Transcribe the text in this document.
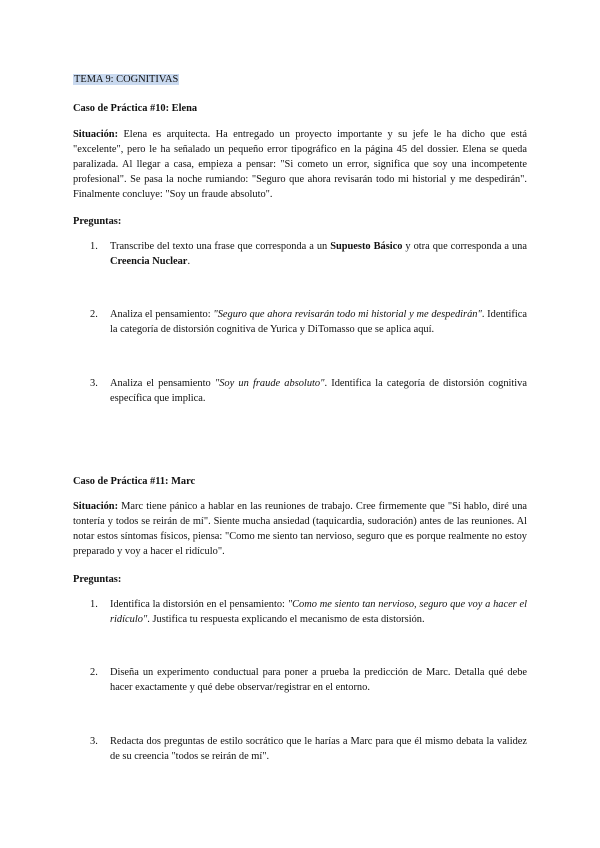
TEMA 9: COGNITIVAS
Caso de Práctica #10: Elena
Situación: Elena es arquitecta. Ha entregado un proyecto importante y su jefe le ha dicho que está "excelente", pero le ha señalado un pequeño error tipográfico en la página 45 del dossier. Elena se queda paralizada. Al llegar a casa, empieza a pensar: "Si cometo un error, significa que soy una incompetente profesional". Se pasa la noche rumiando: "Seguro que ahora revisarán todo mi historial y me despedirán". Finalmente concluye: "Soy un fraude absoluto".
Preguntas:
1. Transcribe del texto una frase que corresponda a un Supuesto Básico y otra que corresponda a una Creencia Nuclear.
2. Analiza el pensamiento: "Seguro que ahora revisarán todo mi historial y me despedirán". Identifica la categoría de distorsión cognitiva de Yurica y DiTomasso que se aplica aquí.
3. Analiza el pensamiento "Soy un fraude absoluto". Identifica la categoría de distorsión cognitiva específica que implica.
Caso de Práctica #11: Marc
Situación: Marc tiene pánico a hablar en las reuniones de trabajo. Cree firmemente que "Si hablo, diré una tontería y todos se reirán de mí". Siente mucha ansiedad (taquicardia, sudoración) antes de las reuniones. Al notar estos síntomas físicos, piensa: "Como me siento tan nervioso, seguro que es porque realmente no estoy preparado y voy a hacer el ridículo".
Preguntas:
1. Identifica la distorsión en el pensamiento: "Como me siento tan nervioso, seguro que voy a hacer el ridículo". Justifica tu respuesta explicando el mecanismo de esta distorsión.
2. Diseña un experimento conductual para poner a prueba la predicción de Marc. Detalla qué debe hacer exactamente y qué debe observar/registrar en el entorno.
3. Redacta dos preguntas de estilo socrático que le harías a Marc para que él mismo debata la validez de su creencia "todos se reirán de mí".
